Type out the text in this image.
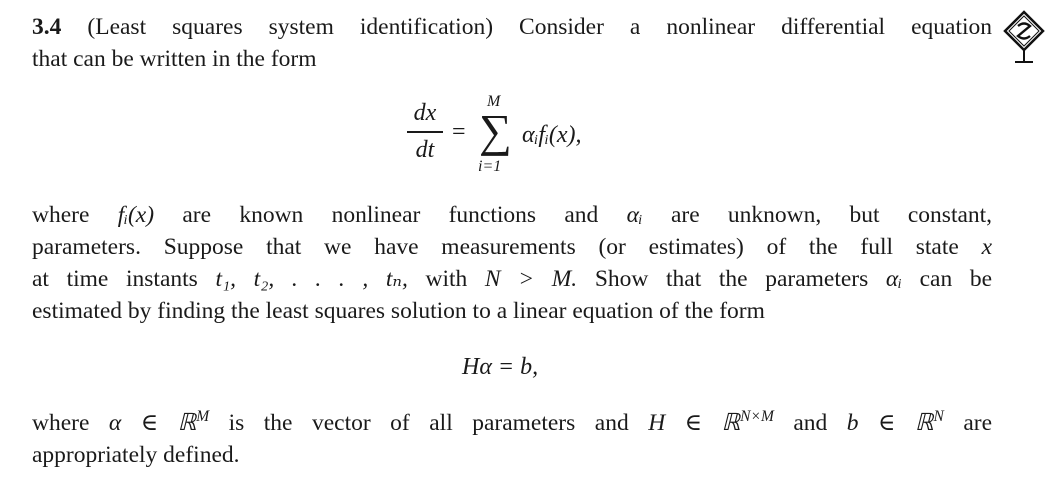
3.4 (Least squares system identification) Consider a nonlinear differential equation
that can be written in the form
dx
dt
=
M
∑
i=1
αᵢfᵢ(x),
where fᵢ(x) are known nonlinear functions and αᵢ are unknown, but constant,
parameters. Suppose that we have measurements (or estimates) of the full state x
at time instants t₁, t₂, . . . , tₙ, with N > M. Show that the parameters αᵢ can be
estimated by finding the least squares solution to a linear equation of the form
Hα = b,
where α ∈ ℝ$^M$ is the vector of all parameters and H ∈ ℝ$^{N\times M}$ and b ∈ ℝ$^N$ are
appropriately defined.
